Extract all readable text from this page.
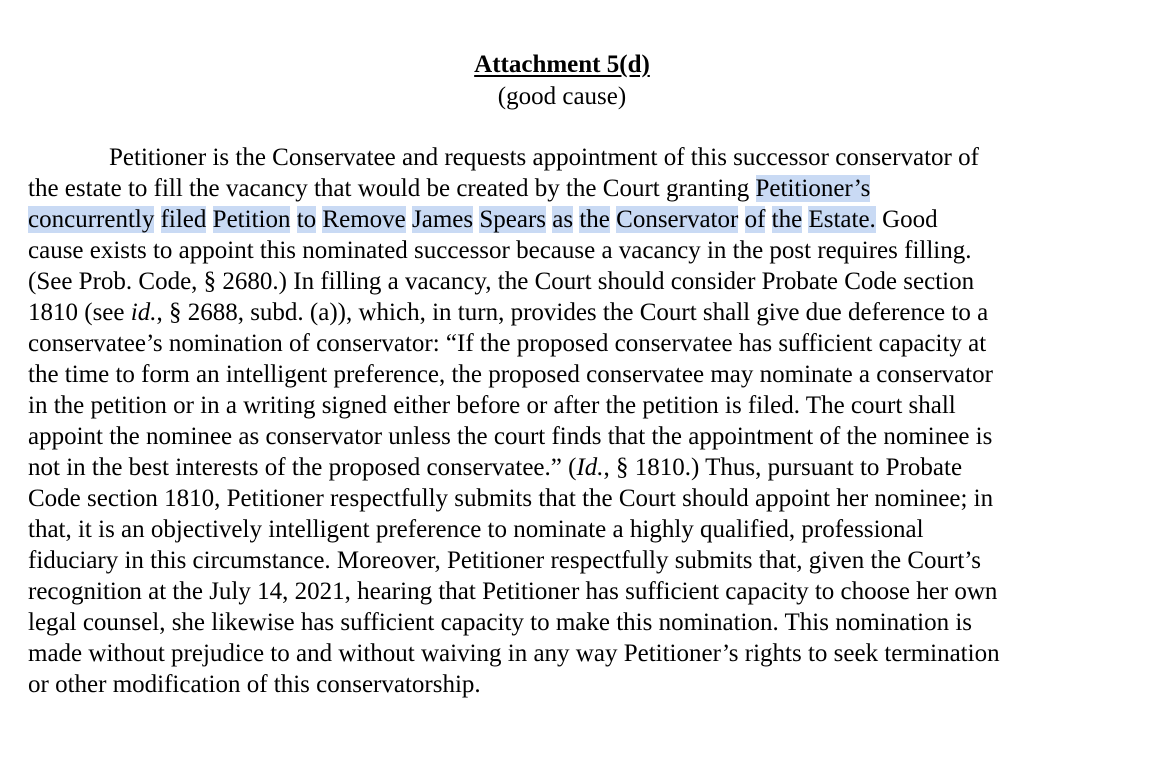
Attachment 5(d)
(good cause)
Petitioner is the Conservatee and requests appointment of this successor conservator of
the estate to fill the vacancy that would be created by the Court granting Petitioner’s
concurrently filed Petition to Remove James Spears as the Conservator of the Estate. Good
cause exists to appoint this nominated successor because a vacancy in the post requires filling.
(See Prob. Code, § 2680.) In filling a vacancy, the Court should consider Probate Code section
1810 (see id., § 2688, subd. (a)), which, in turn, provides the Court shall give due deference to a
conservatee’s nomination of conservator: “If the proposed conservatee has sufficient capacity at
the time to form an intelligent preference, the proposed conservatee may nominate a conservator
in the petition or in a writing signed either before or after the petition is filed. The court shall
appoint the nominee as conservator unless the court finds that the appointment of the nominee is
not in the best interests of the proposed conservatee.” (Id., § 1810.) Thus, pursuant to Probate
Code section 1810, Petitioner respectfully submits that the Court should appoint her nominee; in
that, it is an objectively intelligent preference to nominate a highly qualified, professional
fiduciary in this circumstance. Moreover, Petitioner respectfully submits that, given the Court’s
recognition at the July 14, 2021, hearing that Petitioner has sufficient capacity to choose her own
legal counsel, she likewise has sufficient capacity to make this nomination. This nomination is
made without prejudice to and without waiving in any way Petitioner’s rights to seek termination
or other modification of this conservatorship.
